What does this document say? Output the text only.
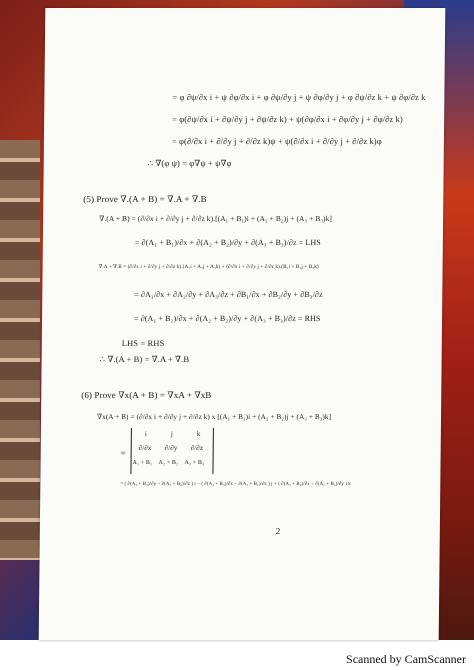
= φ ∂ψ/∂x i + ψ ∂φ/∂x i + φ ∂ψ/∂y j + ψ ∂φ/∂y j + φ ∂ψ/∂z k + ψ ∂φ/∂z k
= φ(∂ψ/∂x i + ∂ψ/∂y j + ∂ψ/∂z k) + ψ(∂φ/∂x i + ∂φ/∂y j + ∂φ/∂z k)
= φ(∂/∂x i + ∂/∂y j + ∂/∂z k)ψ + ψ(∂/∂x i + ∂/∂y j + ∂/∂z k)φ
∴ ∇(φ ψ) = φ∇ψ + ψ∇φ
(5) Prove ∇.(A + B) = ∇.A + ∇.B
∇.(A + B) = (∂/∂x i + ∂/∂y j + ∂/∂z k).[(A₁ + B₁)i + (A₂ + B₂)j + (A₃ + B₃)k]
= ∂(A₁ + B₁)/∂x + ∂(A₂ + B₂)/∂y + ∂(A₃ + B₃)/∂z = LHS
∇.A + ∇.B = (∂/∂x i + ∂/∂y j + ∂/∂z k).(A₁i + A₂j + A₃k) + (∂/∂x i + ∂/∂y j + ∂/∂z k).(B₁i + B₂j + B₃k)
= ∂A₁/∂x + ∂A₂/∂y + ∂A₃/∂z + ∂B₁/∂x + ∂B₂/∂y + ∂B₃/∂z
= ∂(A₁ + B₁)/∂x + ∂(A₂ + B₂)/∂y + ∂(A₃ + B₃)/∂z = RHS
LHS = RHS
∴ ∇.(A + B) = ∇.A + ∇.B
(6) Prove ∇x(A + B) = ∇xA + ∇xB
∇x(A + B) = (∂/∂x i + ∂/∂y j + ∂/∂z k) x [(A₁ + B₁)i + (A₂ + B₂)j + (A₃ + B₃)k]
=
i	j	k
∂/∂x ∂/∂y ∂/∂z
A₁ + B₁ A₂ + B₂ A₃ + B₃
= ( ∂(A₃ + B₃)/∂y − ∂(A₂ + B₂)/∂z ) i − ( ∂(A₃ + B₃)/∂x − ∂(A₁ + B₁)/∂z ) j + ( ∂(A₂ + B₂)/∂x − ∂(A₁ + B₁)/∂y ) k
2
Scanned by CamScanner
